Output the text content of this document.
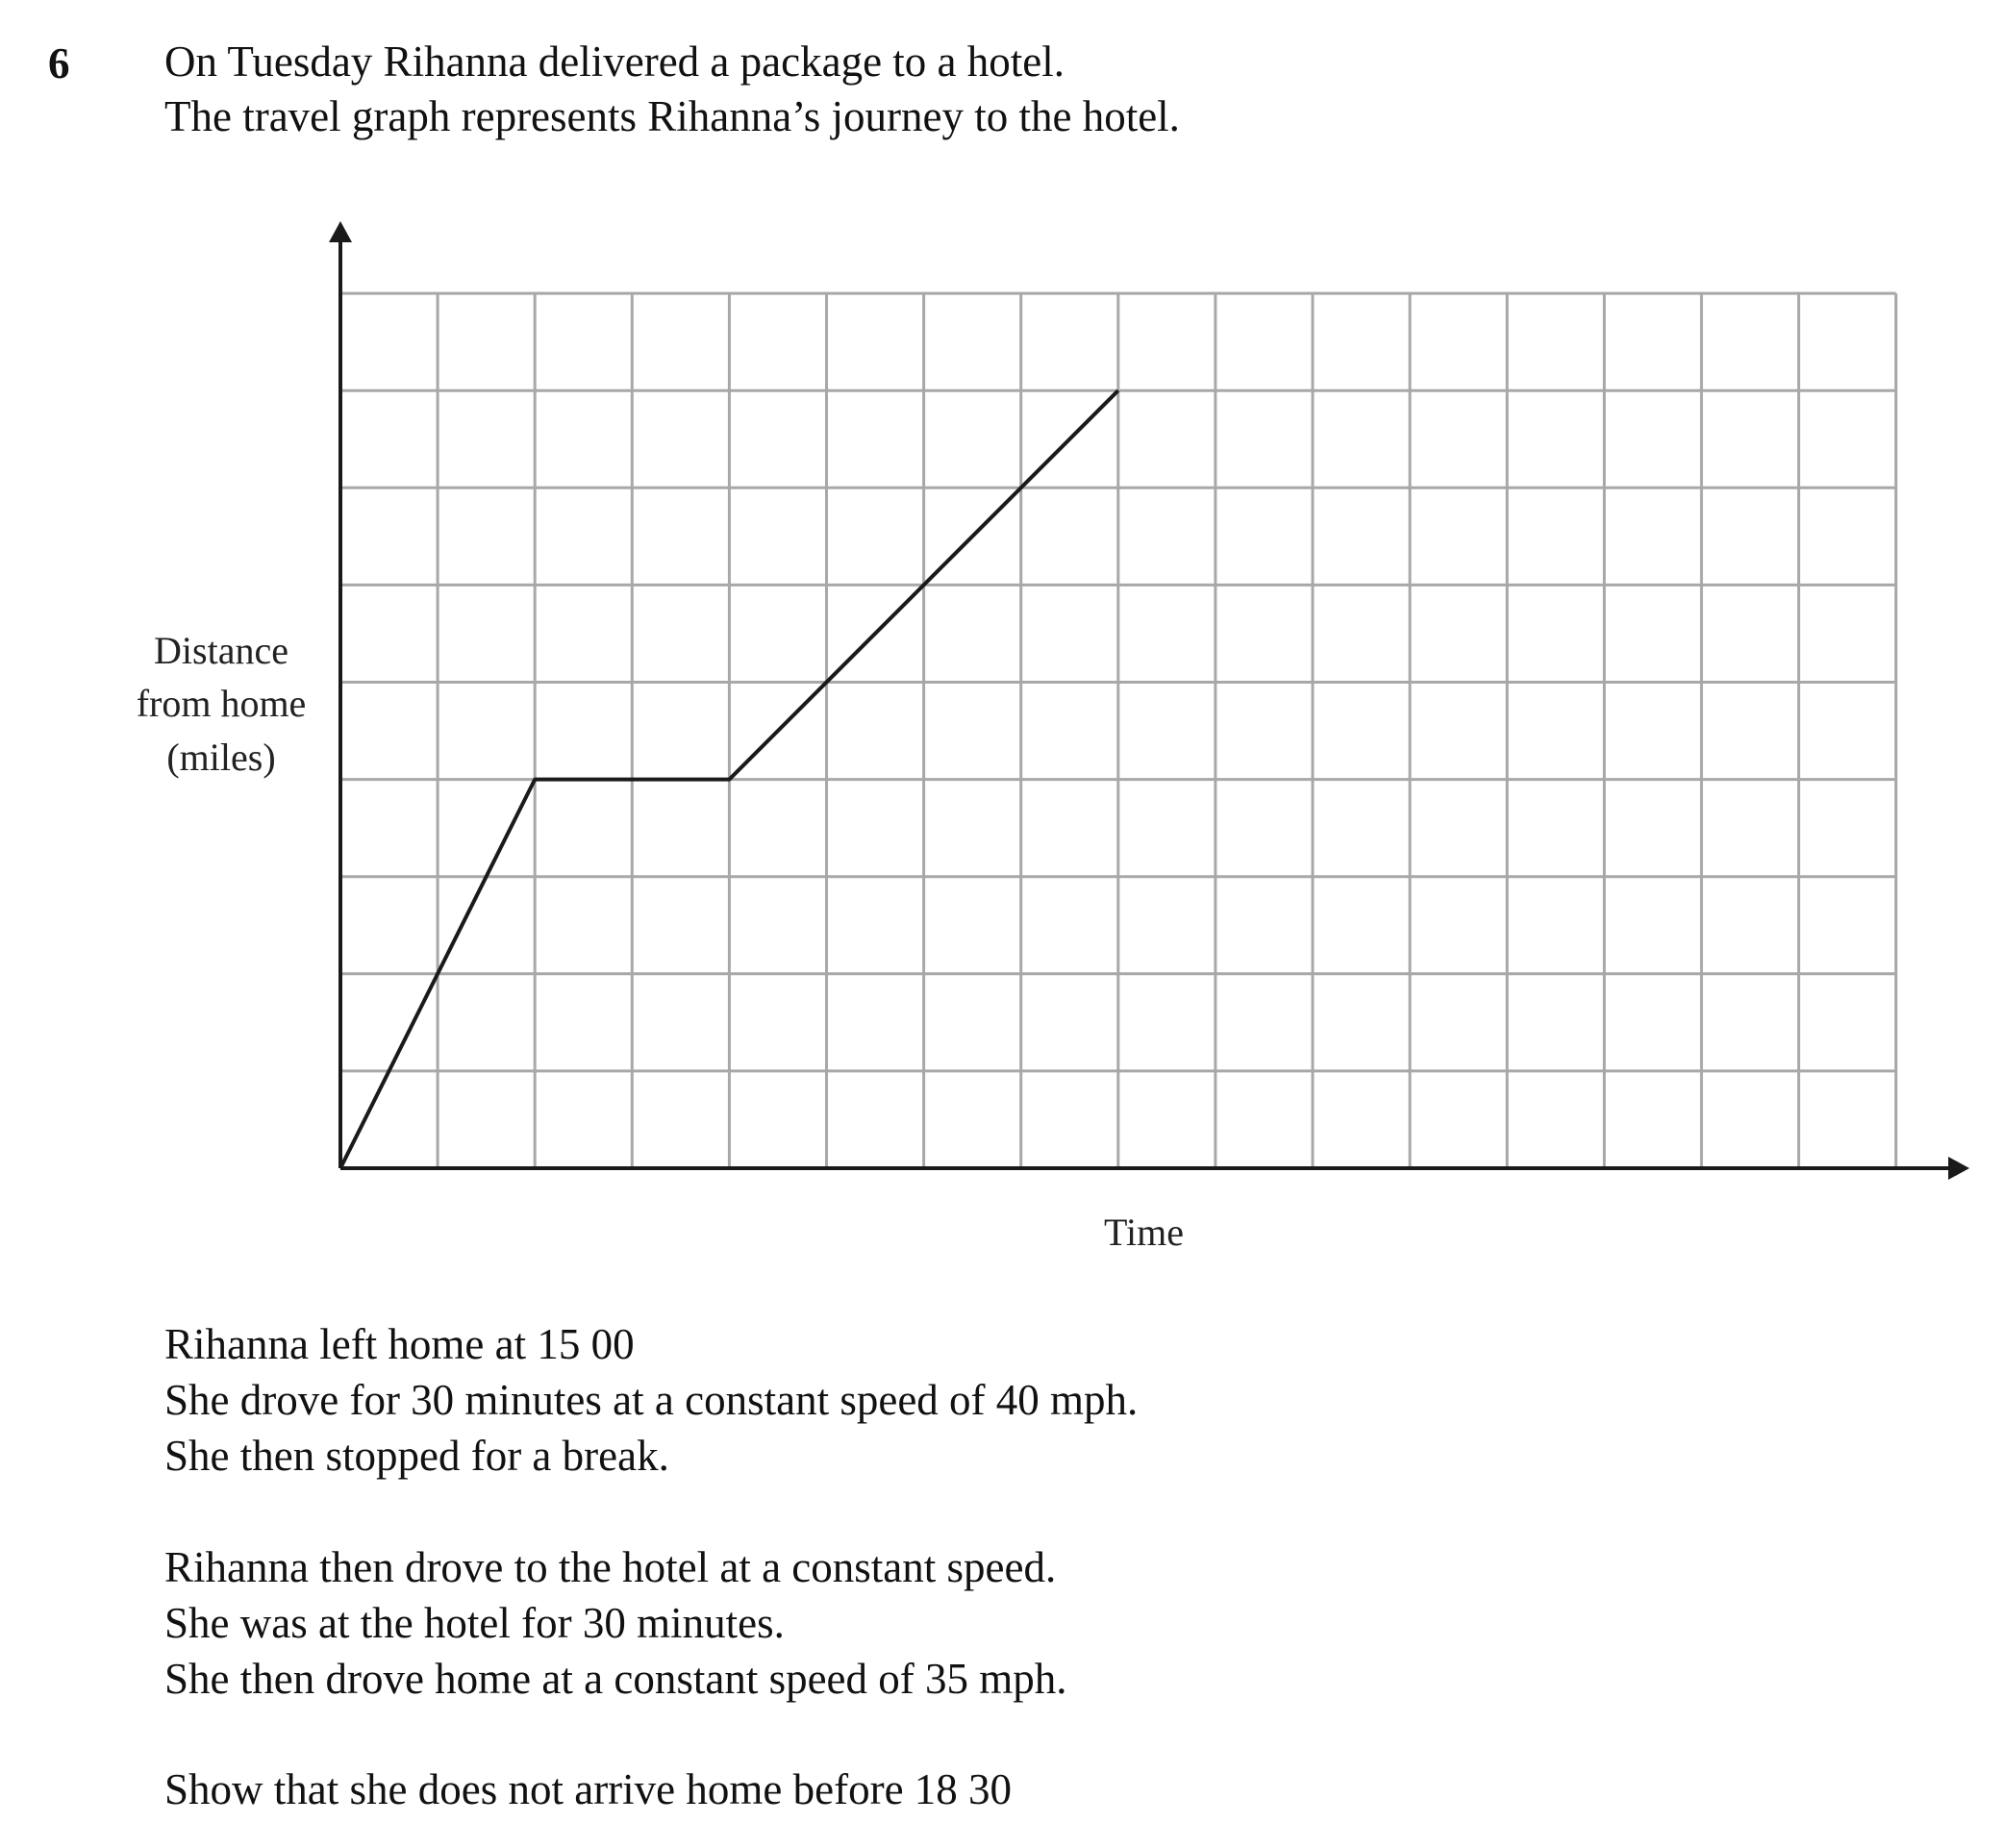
6 On Tuesday Rihanna delivered a package to a hotel.
The travel graph represents Rihanna’s journey to the hotel.
Distance
from home
(miles)
Time
Rihanna left home at 15 00
She drove for 30 minutes at a constant speed of 40 mph.
She then stopped for a break.
Rihanna then drove to the hotel at a constant speed.
She was at the hotel for 30 minutes.
She then drove home at a constant speed of 35 mph.
Show that she does not arrive home before 18 30
